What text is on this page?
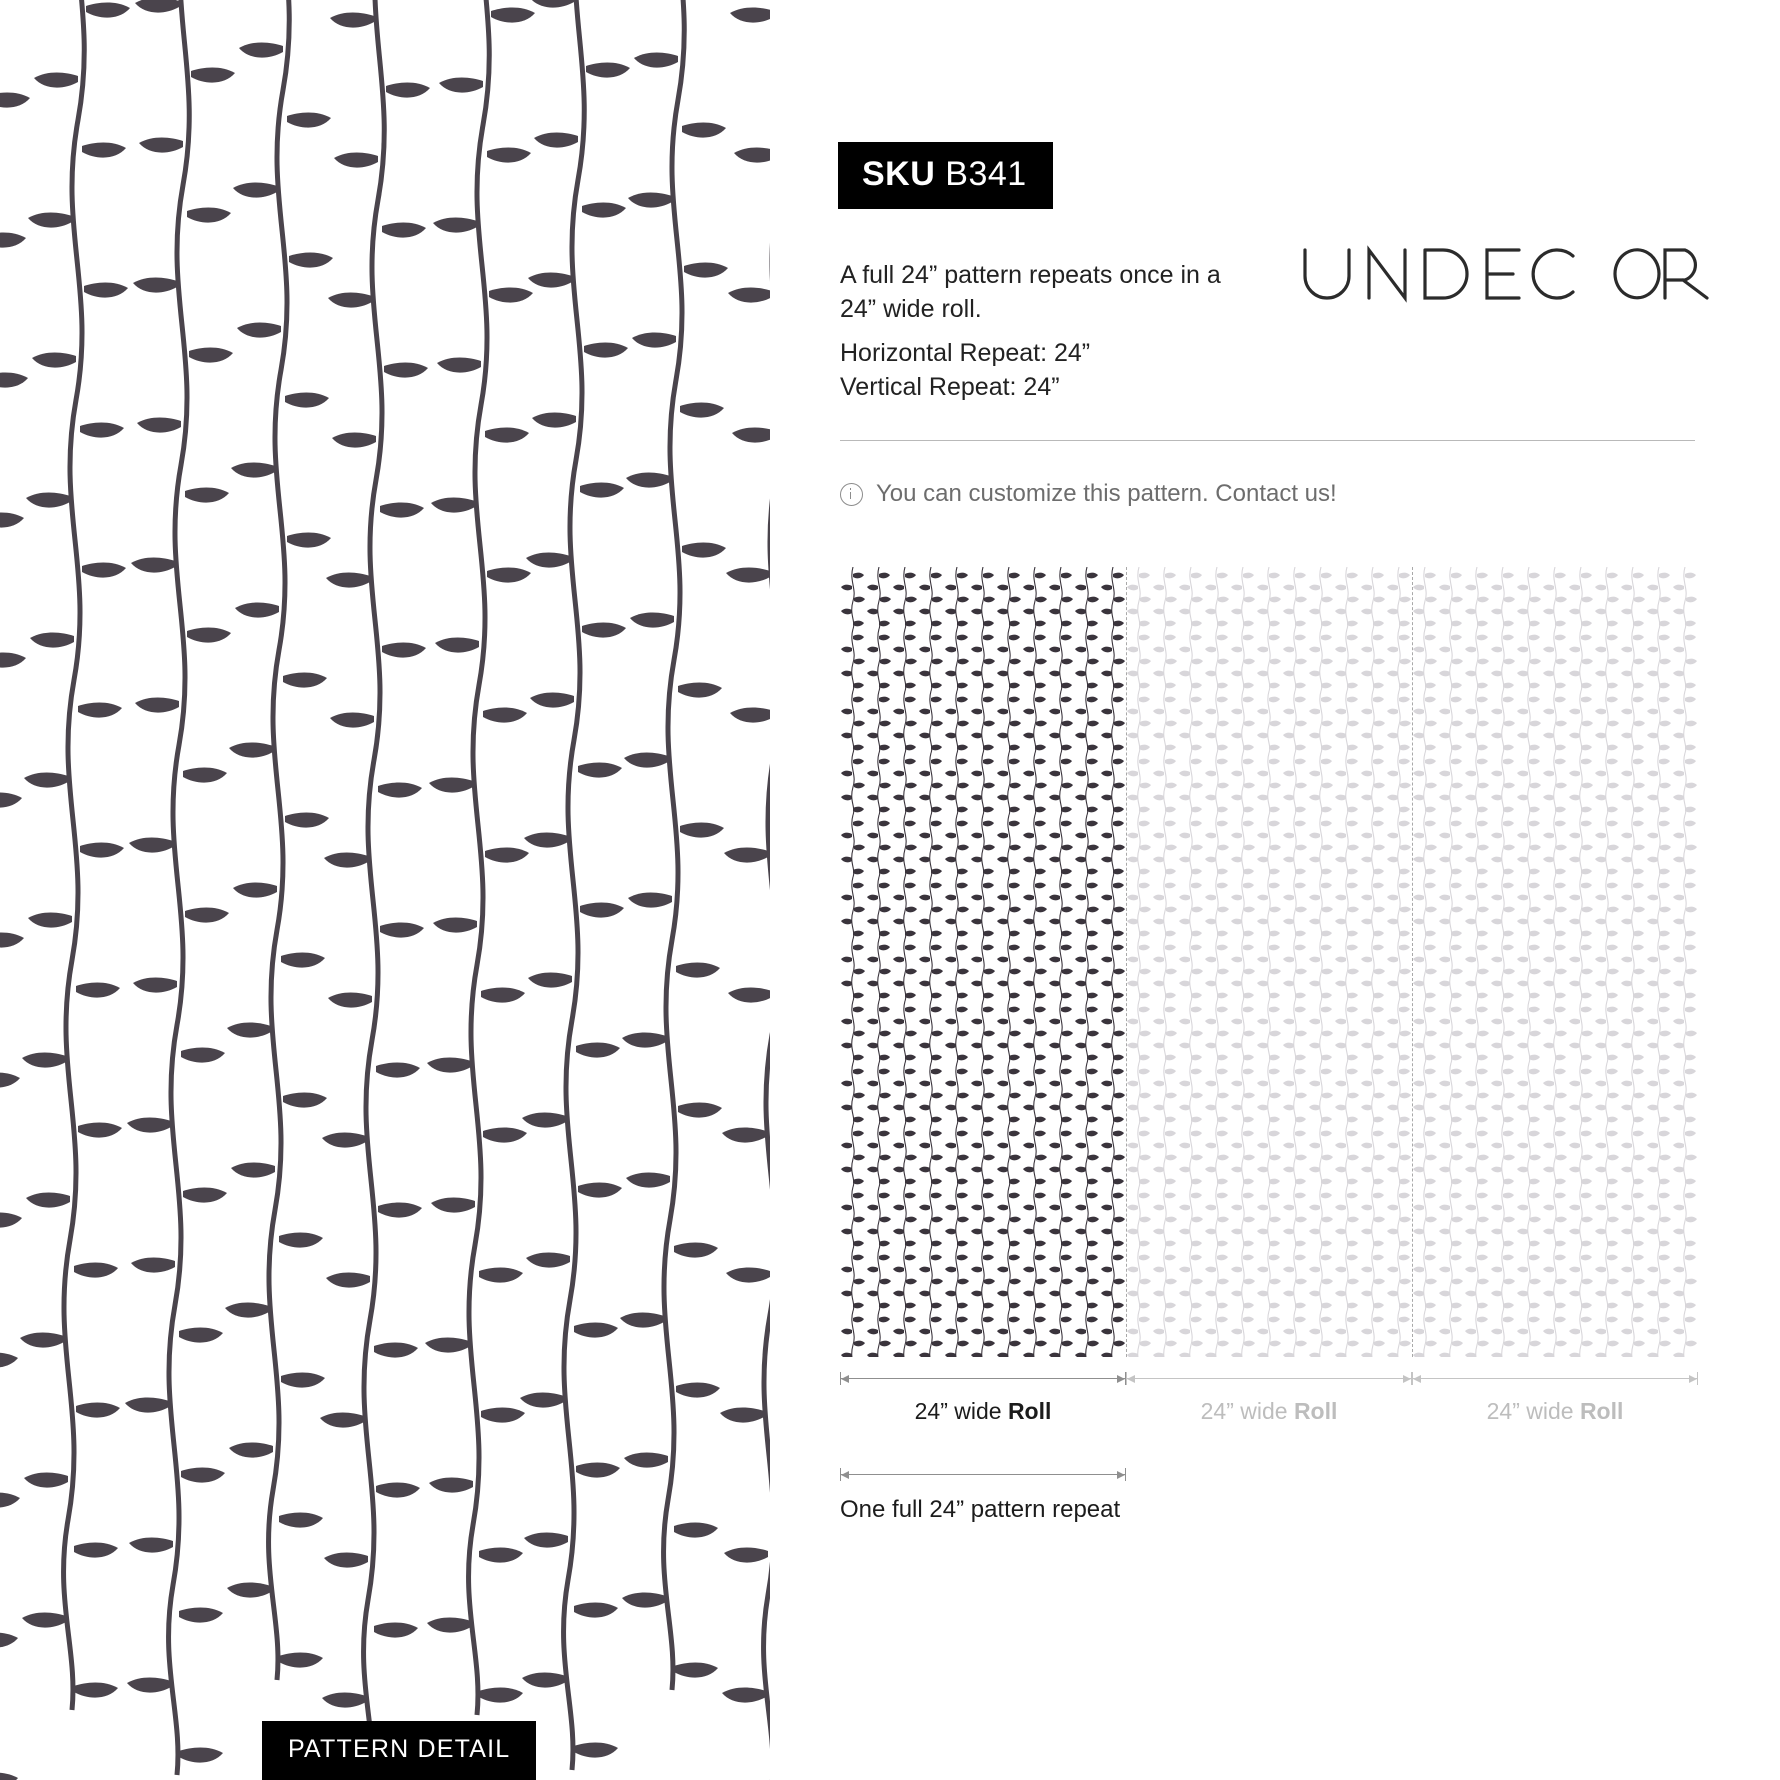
PATTERN DETAIL
SKU B341
A full 24” pattern repeats once in a 24” wide roll.
Horizontal Repeat: 24”
Vertical Repeat: 24”
You can customize this pattern. Contact us!
24” wide Roll	24” wide Roll	24” wide Roll
One full 24” pattern repeat
